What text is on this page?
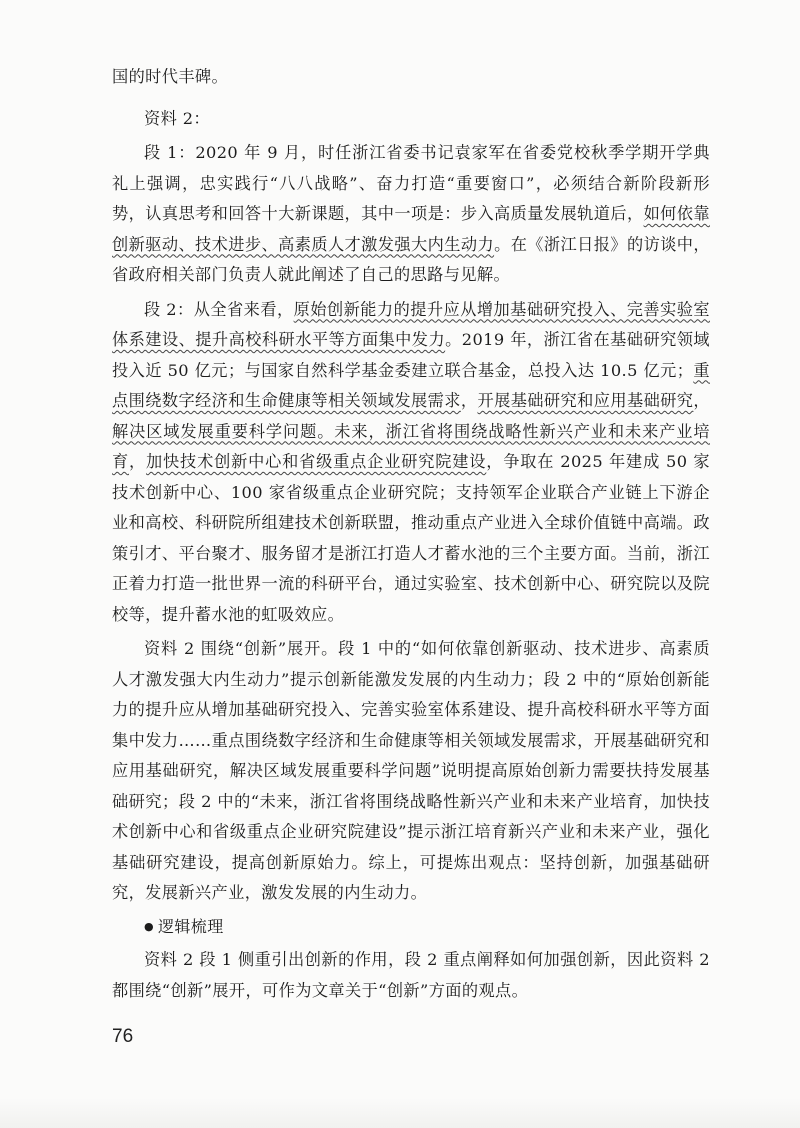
国的时代丰碑。

资料 2：

段 1：2020 年 9 月，时任浙江省委书记袁家军在省委党校秋季学期开学典礼上强调，忠实践行“八八战略”、奋力打造“重要窗口”，必须结合新阶段新形势，认真思考和回答十大新课题，其中一项是：步入高质量发展轨道后，如何依靠创新驱动、技术进步、高素质人才激发强大内生动力。在《浙江日报》的访谈中，省政府相关部门负责人就此阐述了自己的思路与见解。

段 2：从全省来看，原始创新能力的提升应从增加基础研究投入、完善实验室体系建设、提升高校科研水平等方面集中发力。2019 年，浙江省在基础研究领域投入近 50 亿元；与国家自然科学基金委建立联合基金，总投入达 10.5 亿元；重点围绕数字经济和生命健康等相关领域发展需求，开展基础研究和应用基础研究，解决区域发展重要科学问题。未来，浙江省将围绕战略性新兴产业和未来产业培育，加快技术创新中心和省级重点企业研究院建设，争取在 2025 年建成 50 家技术创新中心、100 家省级重点企业研究院；支持领军企业联合产业链上下游企业和高校、科研院所组建技术创新联盟，推动重点产业进入全球价值链中高端。政策引才、平台聚才、服务留才是浙江打造人才蓄水池的三个主要方面。当前，浙江正着力打造一批世界一流的科研平台，通过实验室、技术创新中心、研究院以及院校等，提升蓄水池的虹吸效应。

资料 2 围绕“创新”展开。段 1 中的“如何依靠创新驱动、技术进步、高素质人才激发强大内生动力”提示创新能激发发展的内生动力；段 2 中的“原始创新能力的提升应从增加基础研究投入、完善实验室体系建设、提升高校科研水平等方面集中发力……重点围绕数字经济和生命健康等相关领域发展需求，开展基础研究和应用基础研究，解决区域发展重要科学问题”说明提高原始创新力需要扶持发展基础研究；段 2 中的“未来，浙江省将围绕战略性新兴产业和未来产业培育，加快技术创新中心和省级重点企业研究院建设”提示浙江培育新兴产业和未来产业，强化基础研究建设，提高创新原始力。综上，可提炼出观点：坚持创新，加强基础研究，发展新兴产业，激发发展的内生动力。

● 逻辑梳理

资料 2 段 1 侧重引出创新的作用，段 2 重点阐释如何加强创新，因此资料 2 都围绕“创新”展开，可作为文章关于“创新”方面的观点。

76
